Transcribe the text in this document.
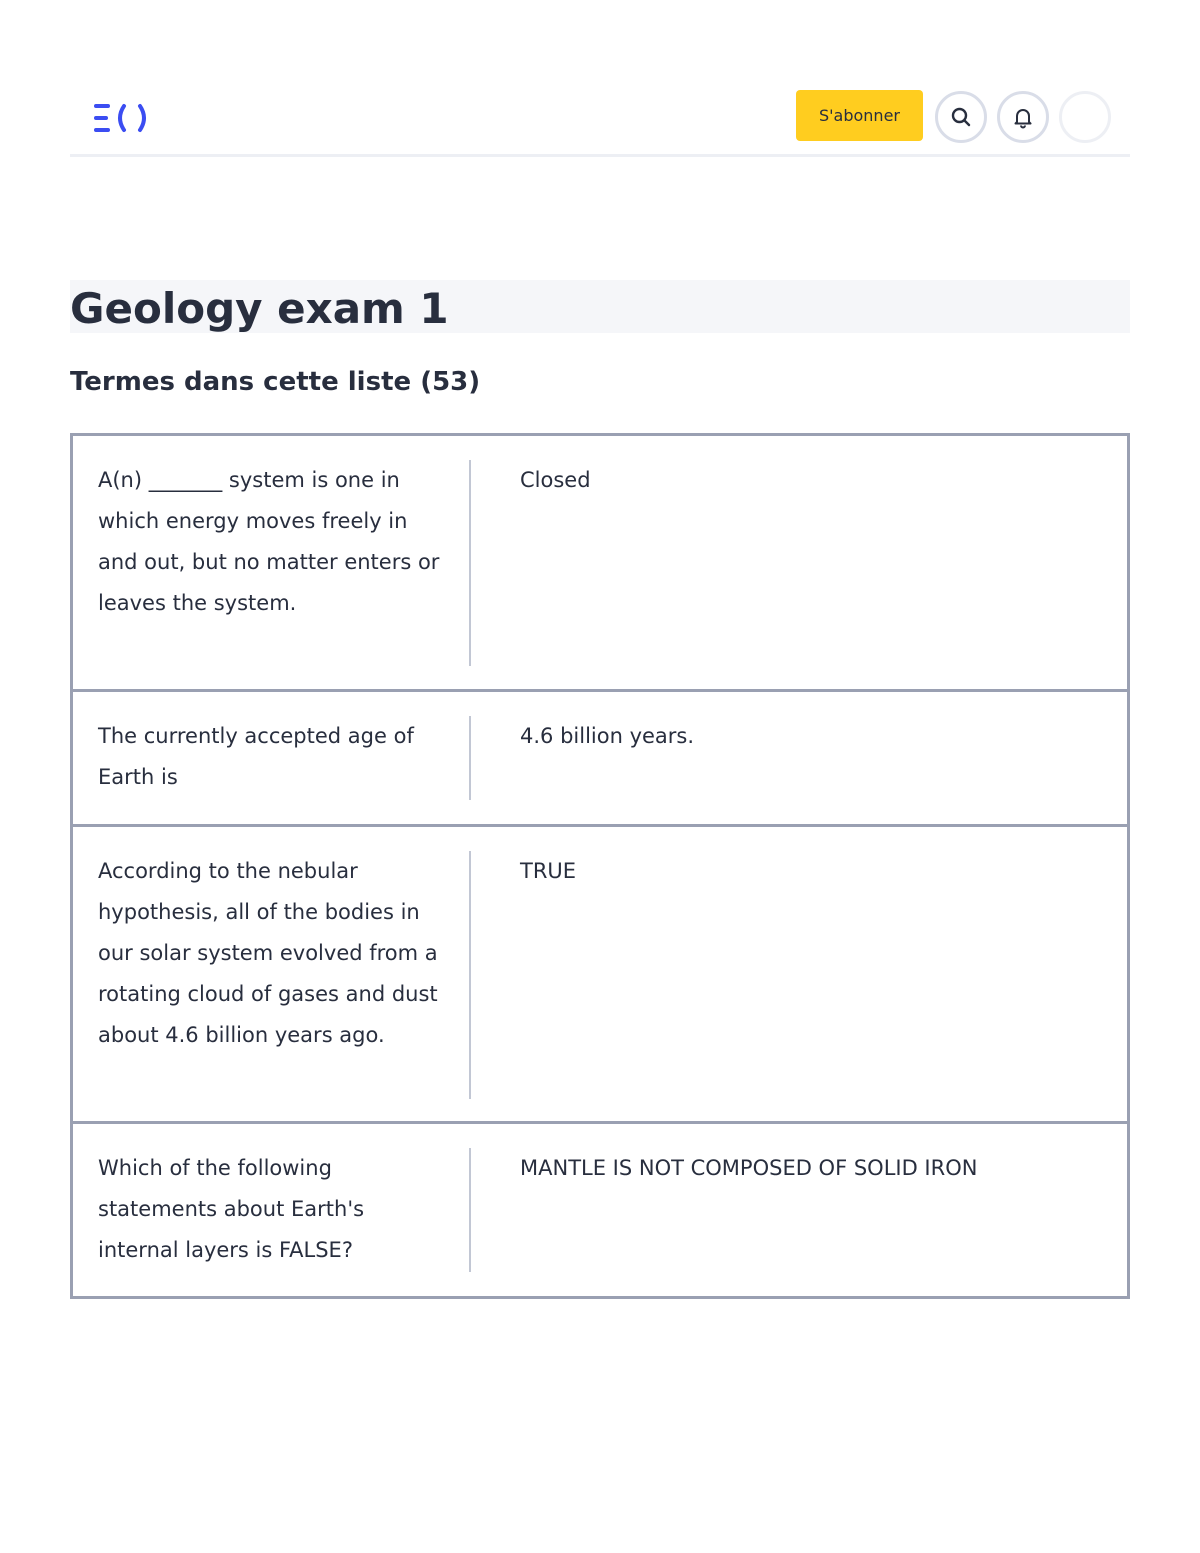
S'abonner
Geology exam 1
Termes dans cette liste (53)
A(n) _______ system is one in which energy moves freely in and out, but no matter enters or leaves the system.
Closed
The currently accepted age of Earth is
4.6 billion years.
According to the nebular hypothesis, all of the bodies in our solar system evolved from a rotating cloud of gases and dust about 4.6 billion years ago.
TRUE
Which of the following statements about Earth's internal layers is FALSE?
MANTLE IS NOT COMPOSED OF SOLID IRON
